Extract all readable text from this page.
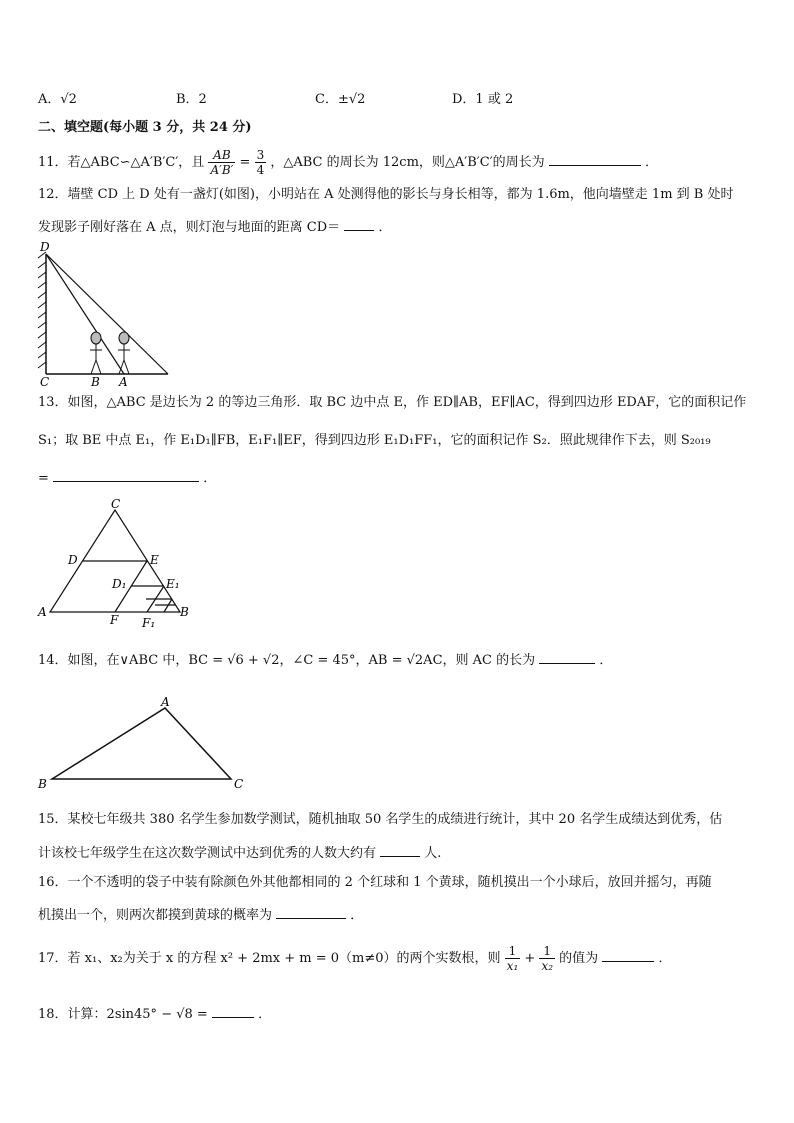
A．√2	B．2	C．±√2	D．1 或 2
二、填空题(每小题 3 分，共 24 分)
11．若△ABC∽△A′B′C′，且 $\frac{AB}{A'B'} = \frac{3}{4}$ ，△ABC 的周长为 12cm，则△A′B′C′的周长为	．
12．墙壁 CD 上 D 处有一盏灯(如图)，小明站在 A 处测得他的影长与身长相等，都为 1.6m，他向墙壁走 1m 到 B 处时
发现影子刚好落在 A 点，则灯泡与地面的距离 CD＝	．
D
C	B A
13．如图，△ABC 是边长为 2 的等边三角形．取 BC 边中点 E，作 ED∥AB，EF∥AC，得到四边形 EDAF，它的面积记作
S₁；取 BE 中点 E₁，作 E₁D₁∥FB，E₁F₁∥EF，得到四边形 E₁D₁FF₁，它的面积记作 S₂．照此规律作下去，则 S₂₀₁₉
=	．
C
D	E
D₁	E₁
A
F F₁
B
14．如图，在∨ABC 中，BC = √6 + √2，∠C = 45°，AB = √2AC，则 AC 的长为	．
A
B	C
15．某校七年级共 380 名学生参加数学测试，随机抽取 50 名学生的成绩进行统计，其中 20 名学生成绩达到优秀，估
计该校七年级学生在这次数学测试中达到优秀的人数大约有	人.
16．一个不透明的袋子中装有除颜色外其他都相同的 2 个红球和 1 个黄球，随机摸出一个小球后，放回并摇匀，再随
机摸出一个，则两次都摸到黄球的概率为	．
17．若 x₁、x₂为关于 x 的方程 x² + 2mx + m = 0（m≠0）的两个实数根，则 $\frac{1}{\text{x₁}} + \frac{1}{\text{x₂}}$ 的值为	．
18．计算：2sin45° − √8 =	．
